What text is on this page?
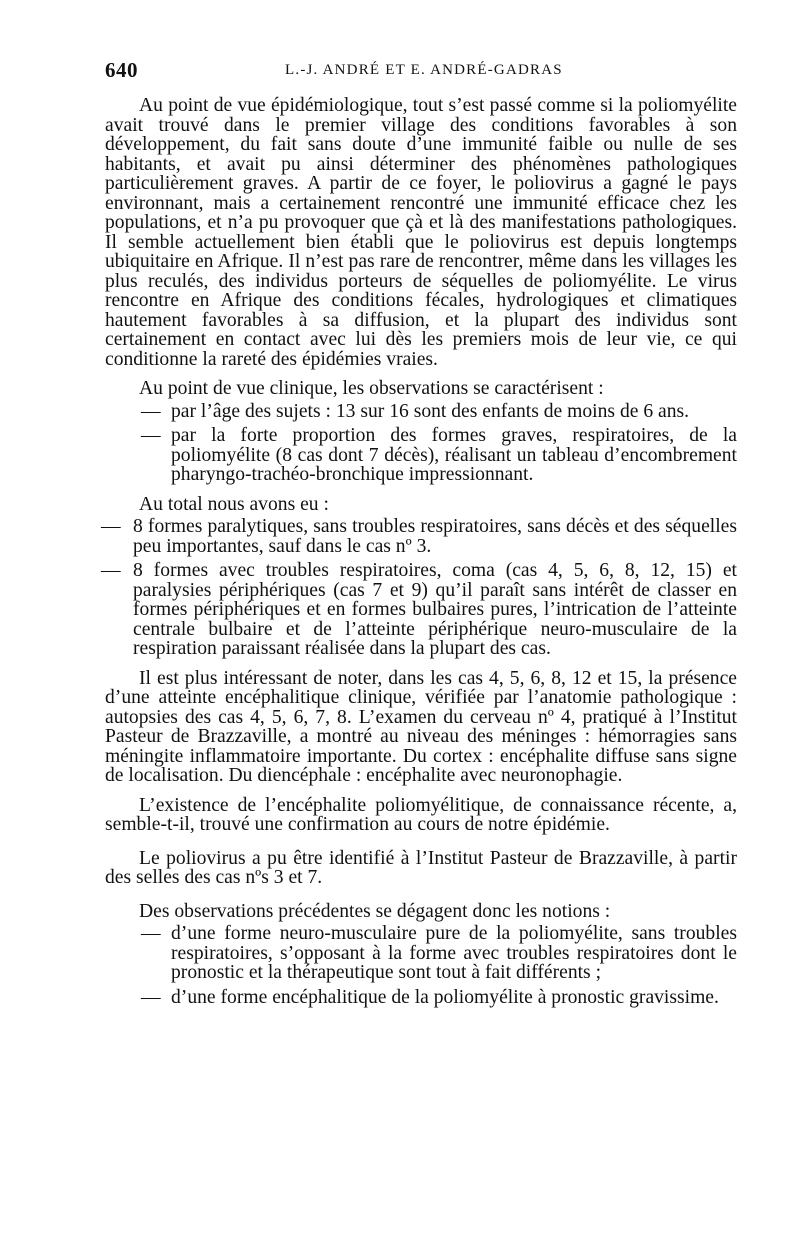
640	L.-J. ANDRÉ ET E. ANDRÉ-GADRAS

Au point de vue épidémiologique, tout s’est passé comme si la poliomyélite avait trouvé dans le premier village des conditions favorables à son développement, du fait sans doute d’une immunité faible ou nulle de ses habitants, et avait pu ainsi déterminer des phénomènes pathologiques particulièrement graves. A partir de ce foyer, le poliovirus a gagné le pays environnant, mais a certainement rencontré une immunité efficace chez les populations, et n’a pu provoquer que çà et là des manifestations pathologiques. Il semble actuellement bien établi que le poliovirus est depuis longtemps ubiquitaire en Afrique. Il n’est pas rare de rencontrer, même dans les villages les plus reculés, des individus porteurs de séquelles de poliomyélite. Le virus rencontre en Afrique des conditions fécales, hydrologiques et climatiques hautement favorables à sa diffusion, et la plupart des individus sont certainement en contact avec lui dès les premiers mois de leur vie, ce qui conditionne la rareté des épidémies vraies.

Au point de vue clinique, les observations se caractérisent :

— par l’âge des sujets : 13 sur 16 sont des enfants de moins de 6 ans.
— par la forte proportion des formes graves, respiratoires, de la poliomyélite (8 cas dont 7 décès), réalisant un tableau d’encombrement pharyngo-trachéo-bronchique impressionnant.

Au total nous avons eu :

— 8 formes paralytiques, sans troubles respiratoires, sans décès et des séquelles peu importantes, sauf dans le cas nº 3.
— 8 formes avec troubles respiratoires, coma (cas 4, 5, 6, 8, 12, 15) et paralysies périphériques (cas 7 et 9) qu’il paraît sans intérêt de classer en formes périphériques et en formes bulbaires pures, l’intrication de l’atteinte centrale bulbaire et de l’atteinte périphérique neuro-musculaire de la respiration paraissant réalisée dans la plupart des cas.

Il est plus intéressant de noter, dans les cas 4, 5, 6, 8, 12 et 15, la présence d’une atteinte encéphalitique clinique, vérifiée par l’anatomie pathologique : autopsies des cas 4, 5, 6, 7, 8. L’examen du cerveau nº 4, pratiqué à l’Institut Pasteur de Brazzaville, a montré au niveau des méninges : hémorragies sans méningite inflammatoire importante. Du cortex : encéphalite diffuse sans signe de localisation. Du diencéphale : encéphalite avec neuronophagie.

L’existence de l’encéphalite poliomyélitique, de connaissance récente, a, semble-t-il, trouvé une confirmation au cours de notre épidémie.

Le poliovirus a pu être identifié à l’Institut Pasteur de Brazzaville, à partir des selles des cas nºs 3 et 7.

Des observations précédentes se dégagent donc les notions :

— d’une forme neuro-musculaire pure de la poliomyélite, sans troubles respiratoires, s’opposant à la forme avec troubles respiratoires dont le pronostic et la thérapeutique sont tout à fait différents ;
— d’une forme encéphalitique de la poliomyélite à pronostic gravissime.
